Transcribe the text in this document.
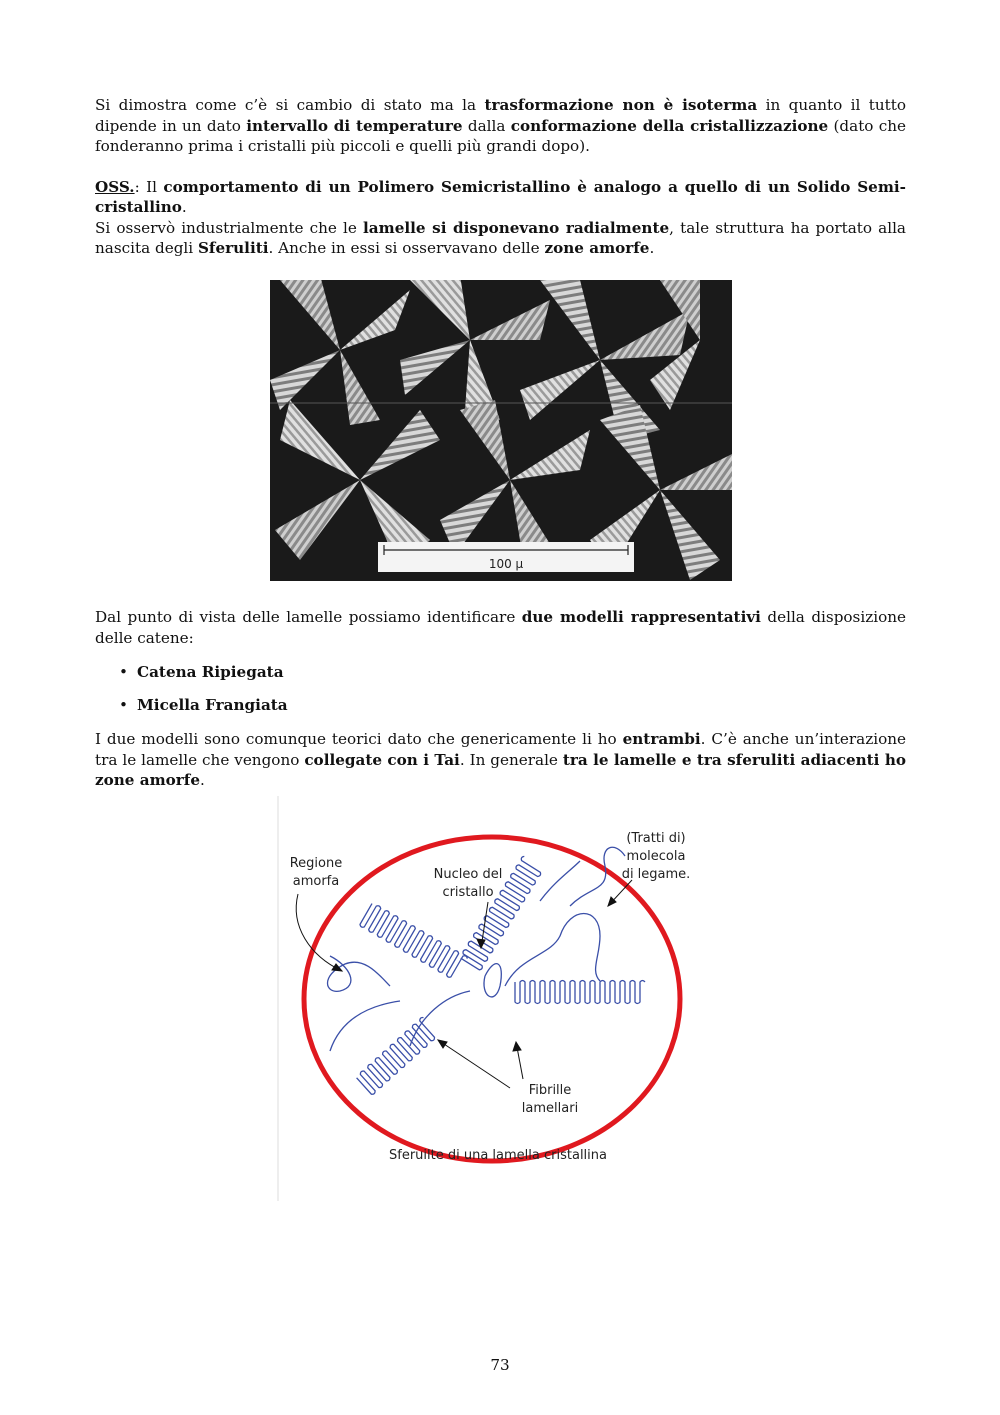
Si dimostra come c’è si cambio di stato ma la trasformazione non è isoterma in quanto il tutto dipende in un dato intervallo di temperature dalla conformazione della cristallizzazione (dato che fonderanno prima i cristalli più piccoli e quelli più grandi dopo).

OSS.: Il comportamento di un Polimero Semicristallino è analogo a quello di un Solido Semi-cristallino.

Si osservò industrialmente che le lamelle si disponevano radialmente, tale struttura ha portato alla nascita degli Sferuliti. Anche in essi si osservavano delle zone amorfe.

100 μ

Dal punto di vista delle lamelle possiamo identificare due modelli rappresentativi della disposizione delle catene:

• Catena Ripiegata
• Micella Frangiata

I due modelli sono comunque teorici dato che genericamente li ho entrambi. C’è anche un’interazione tra le lamelle che vengono collegate con i Tai. In generale tra le lamelle e tra sferuliti adiacenti ho zone amorfe.

Regione
amorfa	Nucleo del
cristallo
(Tratti di)
molecola
di legame.
Fibrille
lamellari
Sferuilte di una lamella cristallina
73
